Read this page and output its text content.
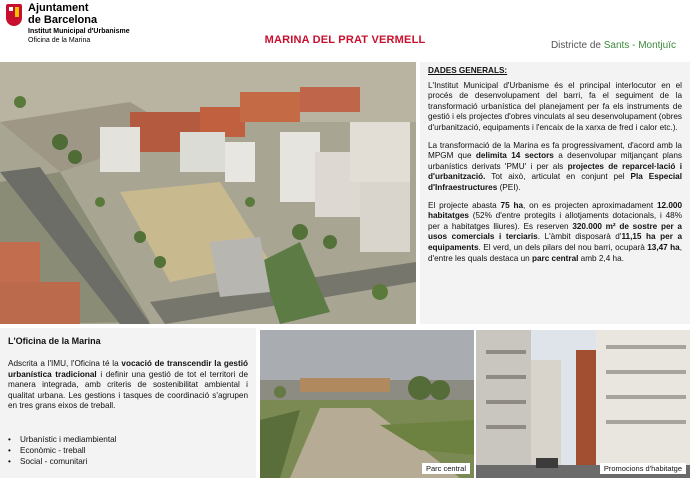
Ajuntament
de Barcelona
Institut Municipal d'Urbanisme
Oficina de la Marina	MARINA DEL PRAT VERMELL	Districte de Sants - Montjuïc

DADES GENERALS:

L'Institut Municipal d'Urbanisme és el principal interlocutor en el procés de desenvolupament del barri, fa el seguiment de la transformació urbanística del planejament per fa els instruments de gestió i els projectes d'obres vinculats al seu desenvolupament (obres d'urbanització, equipaments i l'encaix de la xarxa de fred i calor etc.).

La transformació de la Marina es fa progressivament, d'acord amb la MPGM que delimita 14 sectors a desenvolupar mitjançant plans urbanístics derivats 'PMU' i per als projectes de reparcel·lació i d'urbanització. Tot això, articulat en conjunt pel Pla Especial d'Infraestructures (PEI).

El projecte abasta 75 ha, on es projecten aproximadament 12.000 habitatges (52% d'entre protegits i allotjaments dotacionals, i 48% per a habitatges lliures). Es reserven 320.000 m² de sostre per a usos comercials i terciaris. L'àmbit disposarà d'11,15 ha per a equipaments. El verd, un dels pilars del nou barri, ocuparà 13,47 ha, d'entre les quals destaca un parc central amb 2,4 ha.

L'Oficina de la Marina
Adscrita a l'IMU, l'Oficina té la vocació de transcendir la gestió urbanística tradicional i definir una gestió de tot el territori de manera integrada, amb criteris de sostenibilitat ambiental i qualitat urbana. Les gestions i tasques de coordinació s'agrupen en tres grans eixos de treball.
• Urbanístic i mediambiental
• Econòmic - treball
• Social - comunitari
Parc central	Promocions d'habitatge
